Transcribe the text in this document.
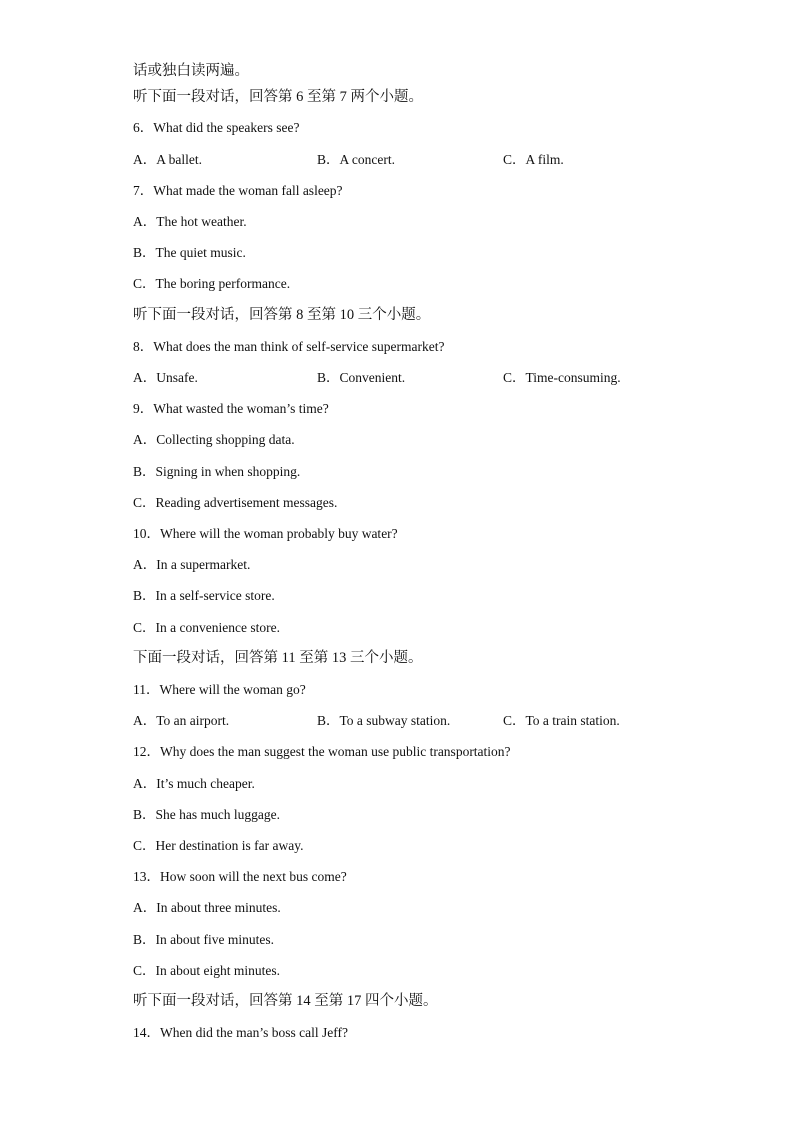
话或独白读两遍。
听下面一段对话，回答第 6 至第 7 两个小题。
6．What did the speakers see?
A．A ballet.	B．A concert.	C．A film.
7．What made the woman fall asleep?
A．The hot weather.
B．The quiet music.
C．The boring performance.
听下面一段对话，回答第 8 至第 10 三个小题。
8．What does the man think of self-service supermarket?
A．Unsafe.	B．Convenient.	C．Time-consuming.
9．What wasted the woman’s time?
A．Collecting shopping data.
B．Signing in when shopping.
C．Reading advertisement messages.
10．Where will the woman probably buy water?
A．In a supermarket.
B．In a self-service store.
C．In a convenience store.
下面一段对话，回答第 11 至第 13 三个小题。
11．Where will the woman go?
A．To an airport.	B．To a subway station.	C．To a train station.
12．Why does the man suggest the woman use public transportation?
A．It’s much cheaper.
B．She has much luggage.
C．Her destination is far away.
13．How soon will the next bus come?
A．In about three minutes.
B．In about five minutes.
C．In about eight minutes.
听下面一段对话，回答第 14 至第 17 四个小题。
14．When did the man’s boss call Jeff?
